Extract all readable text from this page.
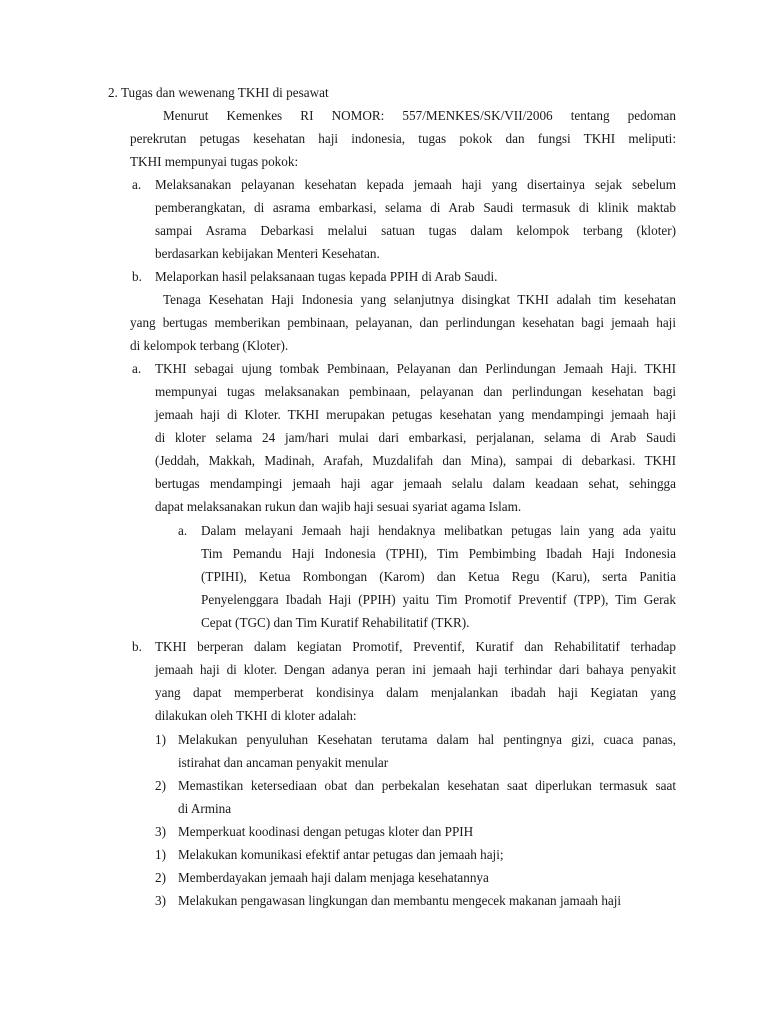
2. Tugas dan wewenang TKHI di pesawat
Menurut Kemenkes RI NOMOR: 557/MENKES/SK/VII/2006 tentang pedoman
perekrutan petugas kesehatan haji indonesia, tugas pokok dan fungsi TKHI meliputi:
TKHI mempunyai tugas pokok:
a. Melaksanakan pelayanan kesehatan kepada jemaah haji yang disertainya sejak sebelum
pemberangkatan, di asrama embarkasi, selama di Arab Saudi termasuk di klinik maktab
sampai Asrama Debarkasi melalui satuan tugas dalam kelompok terbang (kloter)
berdasarkan kebijakan Menteri Kesehatan.
b. Melaporkan hasil pelaksanaan tugas kepada PPIH di Arab Saudi.
Tenaga Kesehatan Haji Indonesia yang selanjutnya disingkat TKHI adalah tim kesehatan
yang bertugas memberikan pembinaan, pelayanan, dan perlindungan kesehatan bagi jemaah haji
di kelompok terbang (Kloter).
a. TKHI sebagai ujung tombak Pembinaan, Pelayanan dan Perlindungan Jemaah Haji. TKHI
mempunyai tugas melaksanakan pembinaan, pelayanan dan perlindungan kesehatan bagi
jemaah haji di Kloter. TKHI merupakan petugas kesehatan yang mendampingi jemaah haji
di kloter selama 24 jam/hari mulai dari embarkasi, perjalanan, selama di Arab Saudi
(Jeddah, Makkah, Madinah, Arafah, Muzdalifah dan Mina), sampai di debarkasi. TKHI
bertugas mendampingi jemaah haji agar jemaah selalu dalam keadaan sehat, sehingga
dapat melaksanakan rukun dan wajib haji sesuai syariat agama Islam.
a. Dalam melayani Jemaah haji hendaknya melibatkan petugas lain yang ada yaitu
Tim Pemandu Haji Indonesia (TPHI), Tim Pembimbing Ibadah Haji Indonesia
(TPIHI), Ketua Rombongan (Karom) dan Ketua Regu (Karu), serta Panitia
Penyelenggara Ibadah Haji (PPIH) yaitu Tim Promotif Preventif (TPP), Tim Gerak
Cepat (TGC) dan Tim Kuratif Rehabilitatif (TKR).
b. TKHI berperan dalam kegiatan Promotif, Preventif, Kuratif dan Rehabilitatif terhadap
jemaah haji di kloter. Dengan adanya peran ini jemaah haji terhindar dari bahaya penyakit
yang dapat memperberat kondisinya dalam menjalankan ibadah haji Kegiatan yang
dilakukan oleh TKHI di kloter adalah:
1) Melakukan penyuluhan Kesehatan terutama dalam hal pentingnya gizi, cuaca panas,
istirahat dan ancaman penyakit menular
2) Memastikan ketersediaan obat dan perbekalan kesehatan saat diperlukan termasuk saat
di Armina
3) Memperkuat koodinasi dengan petugas kloter dan PPIH
1) Melakukan komunikasi efektif antar petugas dan jemaah haji;
2) Memberdayakan jemaah haji dalam menjaga kesehatannya
3) Melakukan pengawasan lingkungan dan membantu mengecek makanan jamaah haji
